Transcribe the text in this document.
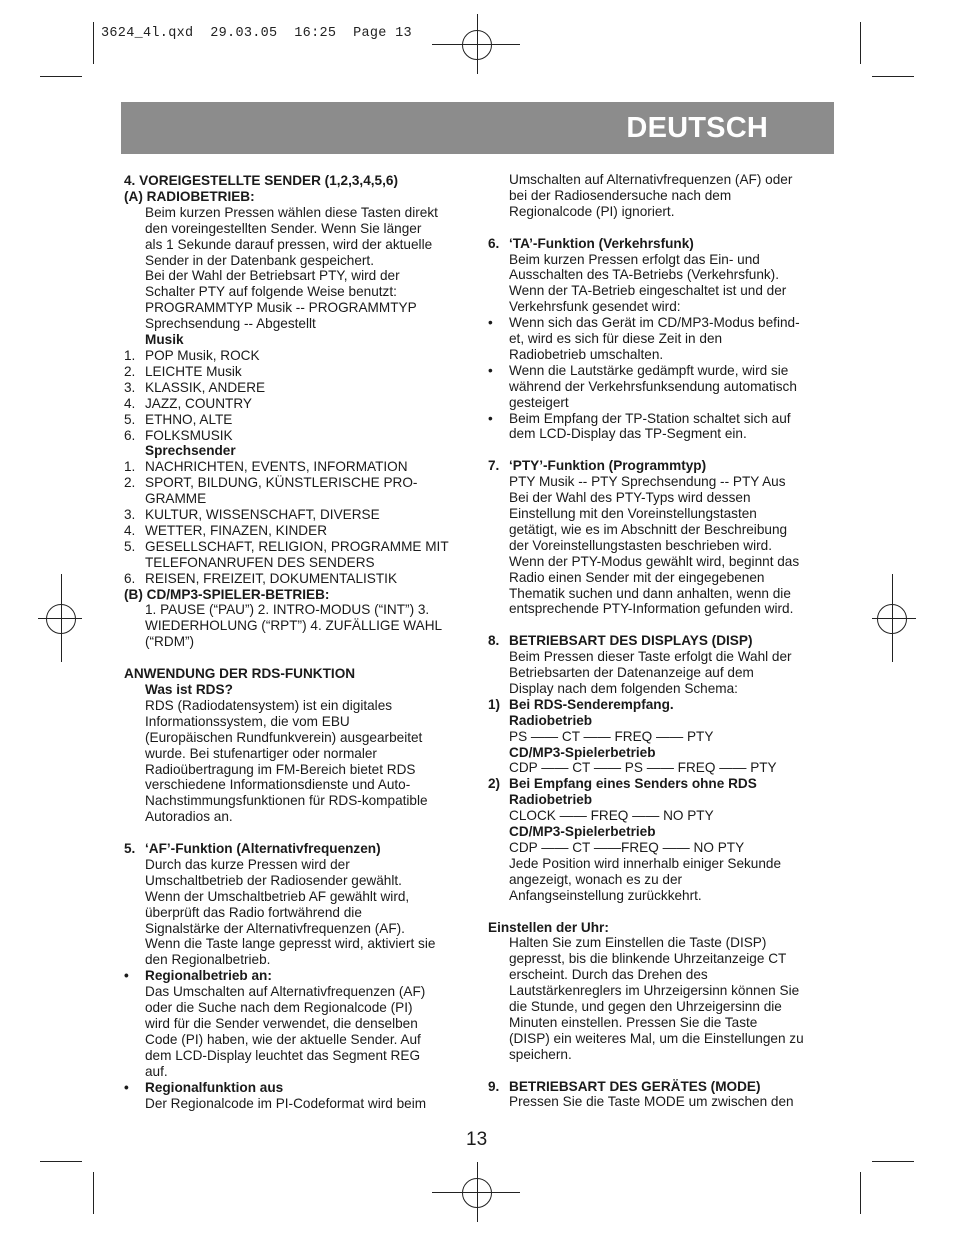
3624_4l.qxd 29.03.05 16:25 Page 13
DEUTSCH
4. VOREIGESTELLTE SENDER (1,2,3,4,5,6)
(A) RADIOBETRIEB:
Beim kurzen Pressen wählen diese Tasten direkt
den voreingestellten Sender. Wenn Sie länger
als 1 Sekunde darauf pressen, wird der aktuelle
Sender in der Datenbank gespeichert.
Bei der Wahl der Betriebsart PTY, wird der
Schalter PTY auf folgende Weise benutzt:
PROGRAMMTYP Musik -- PROGRAMMTYP
Sprechsendung -- Abgestellt
Musik
1. POP Musik, ROCK
2. LEICHTE Musik
3. KLASSIK, ANDERE
4. JAZZ, COUNTRY
5. ETHNO, ALTE
6. FOLKSMUSIK
Sprechsender
1. NACHRICHTEN, EVENTS, INFORMATION
2. SPORT, BILDUNG, KÜNSTLERISCHE PRO-
GRAMME
3. KULTUR, WISSENSCHAFT, DIVERSE
4. WETTER, FINAZEN, KINDER
5. GESELLSCHAFT, RELIGION, PROGRAMME MIT
TELEFONANRUFEN DES SENDERS
6. REISEN, FREIZEIT, DOKUMENTALISTIK
(B) CD/MP3-SPIELER-BETRIEB:
1. PAUSE (“PAU”) 2. INTRO-MODUS (“INT”) 3.
WIEDERHOLUNG (“RPT”) 4. ZUFÄLLIGE WAHL
(“RDM”)
ANWENDUNG DER RDS-FUNKTION
Was ist RDS?
RDS (Radiodatensystem) ist ein digitales
Informationssystem, die vom EBU
(Europäischen Rundfunkverein) ausgearbeitet
wurde. Bei stufenartiger oder normaler
Radioübertragung im FM-Bereich bietet RDS
verschiedene Informationsdienste und Auto-
Nachstimmungsfunktionen für RDS-kompatible
Autoradios an.
5. ‘AF’-Funktion (Alternativfrequenzen)
Durch das kurze Pressen wird der
Umschaltbetrieb der Radiosender gewählt.
Wenn der Umschaltbetrieb AF gewählt wird,
überprüft das Radio fortwährend die
Signalstärke der Alternativfrequenzen (AF).
Wenn die Taste lange gepresst wird, aktiviert sie
den Regionalbetrieb.
• Regionalbetrieb an:
Das Umschalten auf Alternativfrequenzen (AF)
oder die Suche nach dem Regionalcode (PI)
wird für die Sender verwendet, die denselben
Code (PI) haben, wie der aktuelle Sender. Auf
dem LCD-Display leuchtet das Segment REG
auf.
• Regionalfunktion aus
Der Regionalcode im PI-Codeformat wird beim
Umschalten auf Alternativfrequenzen (AF) oder
bei der Radiosendersuche nach dem
Regionalcode (PI) ignoriert.
6. ‘TA’-Funktion (Verkehrsfunk)
Beim kurzen Pressen erfolgt das Ein- und
Ausschalten des TA-Betriebs (Verkehrsfunk).
Wenn der TA-Betrieb eingeschaltet ist und der
Verkehrsfunk gesendet wird:
• Wenn sich das Gerät im CD/MP3-Modus befind-
et, wird es sich für diese Zeit in den
Radiobetrieb umschalten.
• Wenn die Lautstärke gedämpft wurde, wird sie
während der Verkehrsfunksendung automatisch
gesteigert
• Beim Empfang der TP-Station schaltet sich auf
dem LCD-Display das TP-Segment ein.
7. ‘PTY’-Funktion (Programmtyp)
PTY Musik -- PTY Sprechsendung -- PTY Aus
Bei der Wahl des PTY-Typs wird dessen
Einstellung mit den Voreinstellungstasten
getätigt, wie es im Abschnitt der Beschreibung
der Voreinstellungstasten beschrieben wird.
Wenn der PTY-Modus gewählt wird, beginnt das
Radio einen Sender mit der eingegebenen
Thematik suchen und dann anhalten, wenn die
entsprechende PTY-Information gefunden wird.
8. BETRIEBSART DES DISPLAYS (DISP)
Beim Pressen dieser Taste erfolgt die Wahl der
Betriebsarten der Datenanzeige auf dem
Display nach dem folgenden Schema:
1) Bei RDS-Senderempfang.
Radiobetrieb
PS —— CT —— FREQ —— PTY
CD/MP3-Spielerbetrieb
CDP —— CT —— PS —— FREQ —— PTY
2) Bei Empfang eines Senders ohne RDS
Radiobetrieb
CLOCK —— FREQ —— NO PTY
CD/MP3-Spielerbetrieb
CDP —— CT ——FREQ —— NO PTY
Jede Position wird innerhalb einiger Sekunde
angezeigt, wonach es zu der
Anfangseinstellung zurückkehrt.
Einstellen der Uhr:
Halten Sie zum Einstellen die Taste (DISP)
gepresst, bis die blinkende Uhrzeitanzeige CT
erscheint. Durch das Drehen des
Lautstärkenreglers im Uhrzeigersinn können Sie
die Stunde, und gegen den Uhrzeigersinn die
Minuten einstellen. Pressen Sie die Taste
(DISP) ein weiteres Mal, um die Einstellungen zu
speichern.
9. BETRIEBSART DES GERÄTES (MODE)
Pressen Sie die Taste MODE um zwischen den
13
